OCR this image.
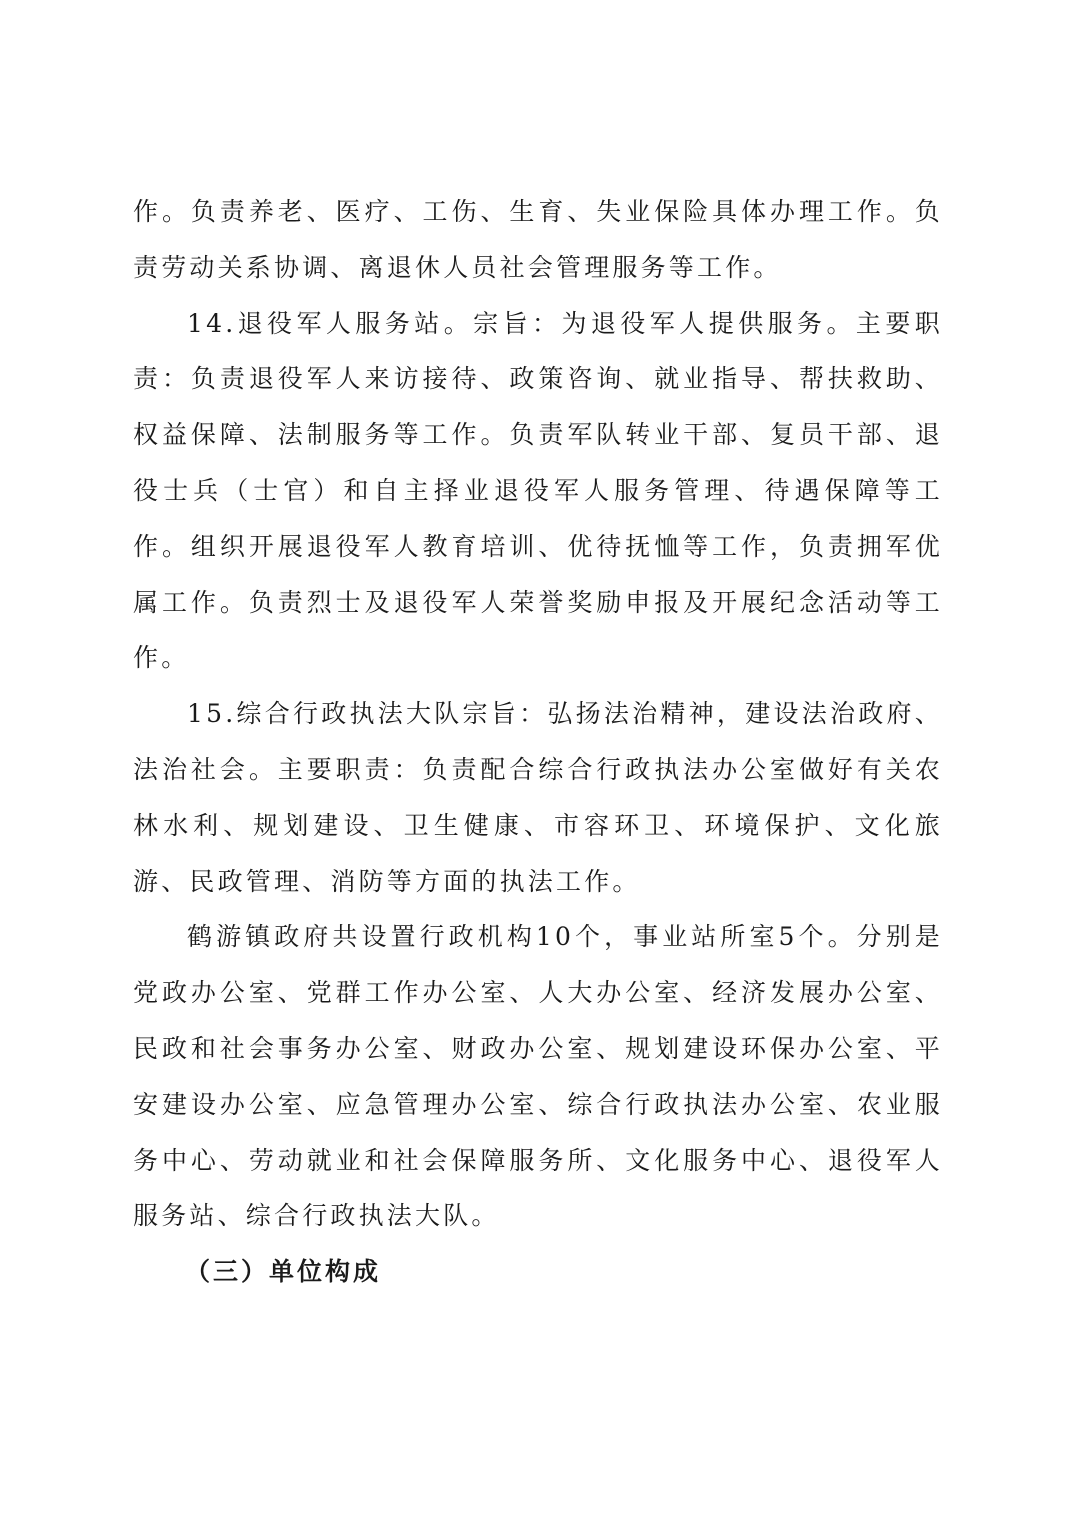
作。负责养老、医疗、工伤、生育、失业保险具体办理工作。负责劳动关系协调、离退休人员社会管理服务等工作。

14.退役军人服务站。宗旨：为退役军人提供服务。主要职责：负责退役军人来访接待、政策咨询、就业指导、帮扶救助、权益保障、法制服务等工作。负责军队转业干部、复员干部、退役士兵（士官）和自主择业退役军人服务管理、待遇保障等工作。组织开展退役军人教育培训、优待抚恤等工作，负责拥军优属工作。负责烈士及退役军人荣誉奖励申报及开展纪念活动等工作。

15.综合行政执法大队宗旨：弘扬法治精神，建设法治政府、法治社会。主要职责：负责配合综合行政执法办公室做好有关农林水利、规划建设、卫生健康、市容环卫、环境保护、文化旅游、民政管理、消防等方面的执法工作。

鹤游镇政府共设置行政机构10个，事业站所室5个。分别是党政办公室、党群工作办公室、人大办公室、经济发展办公室、民政和社会事务办公室、财政办公室、规划建设环保办公室、平安建设办公室、应急管理办公室、综合行政执法办公室、农业服务中心、劳动就业和社会保障服务所、文化服务中心、退役军人服务站、综合行政执法大队。

（三）单位构成
